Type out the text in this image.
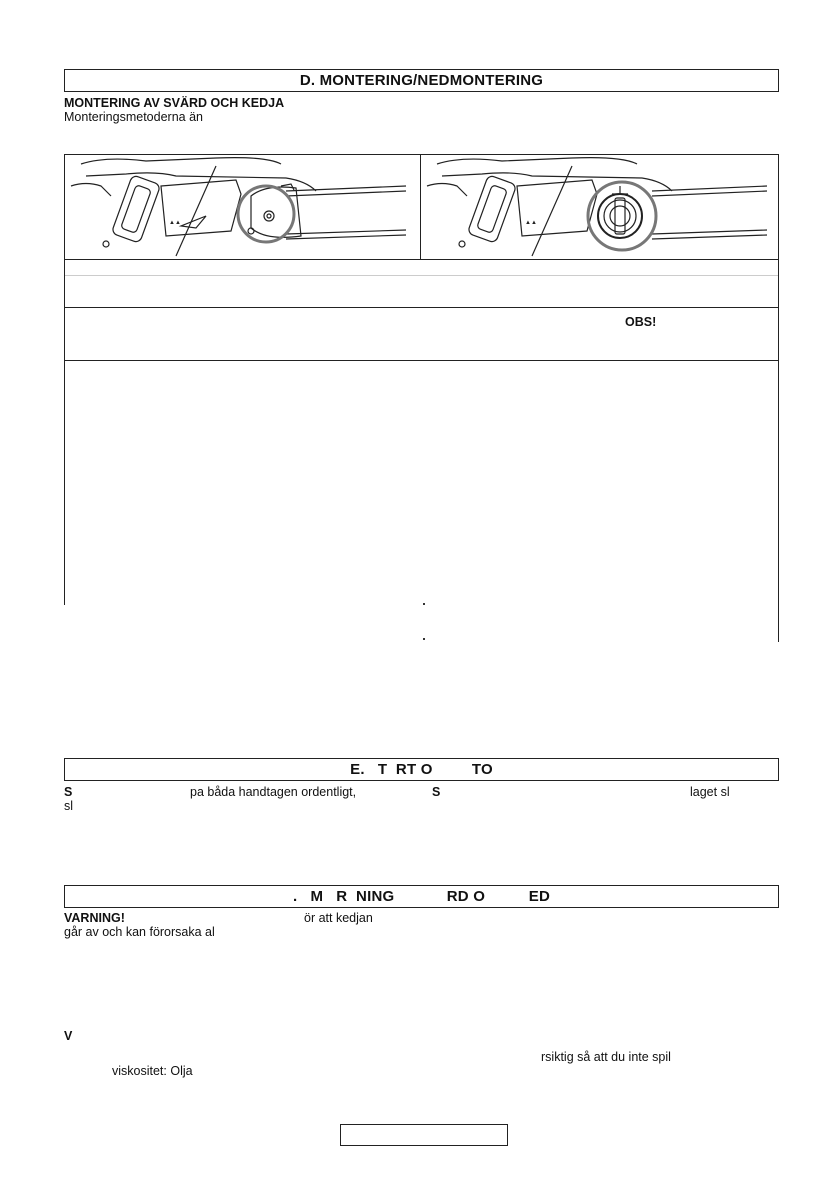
D. MONTERING/NEDMONTERING
MONTERING AV SVÄRD OCH KEDJA
Monteringsmetoderna än
OBS!
▲▲	▲▲
E.   T  RT O         TO
S	pa båda handtagen ordentligt,	S	laget sl
sl
.   M   R  NING            RD O          ED
VARNING!	ör att kedjan
går av och kan förorsaka al
V
rsiktig så att du inte spil
viskositet: Olja
